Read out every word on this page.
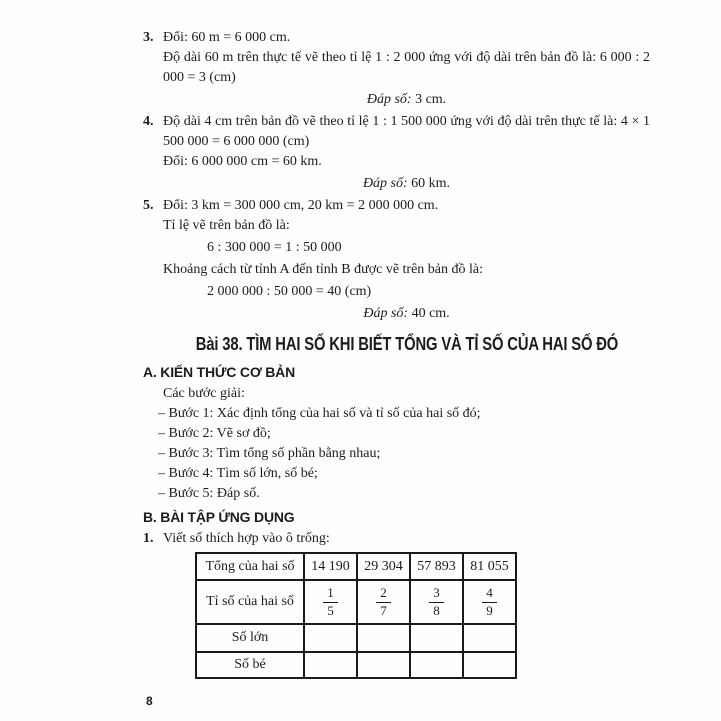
3. Đổi: 60 m = 6 000 cm.

Độ dài 60 m trên thực tế vẽ theo tỉ lệ 1 : 2 000 ứng với độ dài trên bản đồ là: 6 000 : 2 000 = 3 (cm)

Đáp số: 3 cm.

4. Độ dài 4 cm trên bản đồ vẽ theo tỉ lệ 1 : 1 500 000 ứng với độ dài trên thực tế là: 4 × 1 500 000 = 6 000 000 (cm)

Đổi: 6 000 000 cm = 60 km.

Đáp số: 60 km.

5. Đổi: 3 km = 300 000 cm, 20 km = 2 000 000 cm.

Tỉ lệ vẽ trên bản đồ là:

6 : 300 000 = 1 : 50 000

Khoảng cách từ tỉnh A đến tỉnh B được vẽ trên bản đồ là:

2 000 000 : 50 000 = 40 (cm)

Đáp số: 40 cm.

Bài 38. TÌM HAI SỐ KHI BIẾT TỔNG VÀ TỈ SỐ CỦA HAI SỐ ĐÓ
A. KIẾN THỨC CƠ BẢN

Các bước giải:

– Bước 1: Xác định tổng của hai số và tỉ số của hai số đó;

– Bước 2: Vẽ sơ đồ;

– Bước 3: Tìm tổng số phần bằng nhau;

– Bước 4: Tìm số lớn, số bé;

– Bước 5: Đáp số.

B. BÀI TẬP ỨNG DỤNG

1. Viết số thích hợp vào ô trống:

Tổng của hai số	14 190	29 304	57 893	81 055
Tỉ số của hai số	$\frac{1}{5}$	$\frac{2}{7}$	$\frac{3}{8}$	$\frac{4}{9}$

Số lớn				
Số bé				
8
